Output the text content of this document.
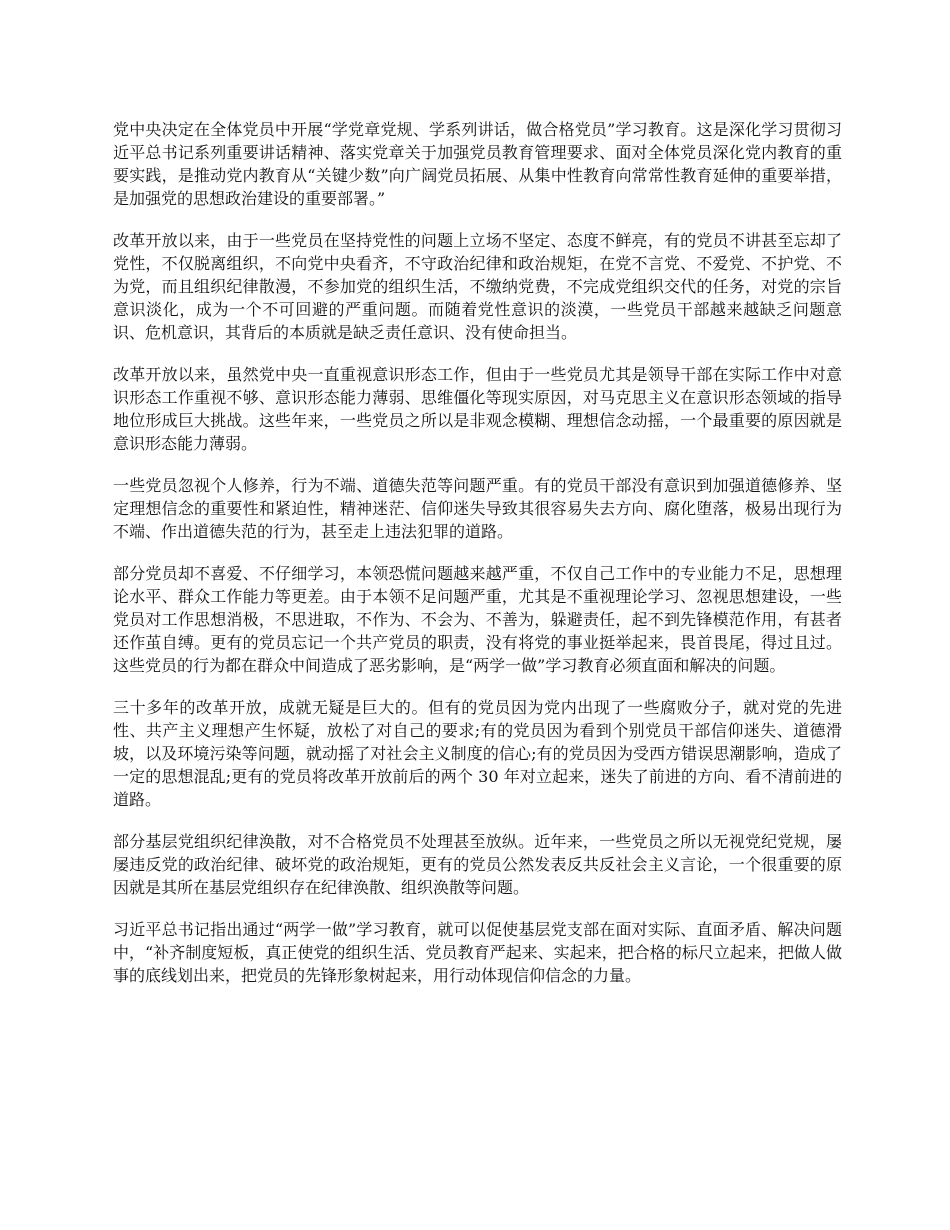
党中央决定在全体党员中开展“学党章党规、学系列讲话，做合格党员”学习教育。这是深化学习贯彻习近平总书记系列重要讲话精神、落实党章关于加强党员教育管理要求、面对全体党员深化党内教育的重要实践，是推动党内教育从“关键少数”向广阔党员拓展、从集中性教育向常常性教育延伸的重要举措，是加强党的思想政治建设的重要部署。”

改革开放以来，由于一些党员在坚持党性的问题上立场不坚定、态度不鲜亮，有的党员不讲甚至忘却了党性，不仅脱离组织，不向党中央看齐，不守政治纪律和政治规矩，在党不言党、不爱党、不护党、不为党，而且组织纪律散漫，不参加党的组织生活，不缴纳党费，不完成党组织交代的任务，对党的宗旨意识淡化，成为一个不可回避的严重问题。而随着党性意识的淡漠，一些党员干部越来越缺乏问题意识、危机意识，其背后的本质就是缺乏责任意识、没有使命担当。

改革开放以来，虽然党中央一直重视意识形态工作，但由于一些党员尤其是领导干部在实际工作中对意识形态工作重视不够、意识形态能力薄弱、思维僵化等现实原因，对马克思主义在意识形态领域的指导地位形成巨大挑战。这些年来，一些党员之所以是非观念模糊、理想信念动摇，一个最重要的原因就是意识形态能力薄弱。

一些党员忽视个人修养，行为不端、道德失范等问题严重。有的党员干部没有意识到加强道德修养、坚定理想信念的重要性和紧迫性，精神迷茫、信仰迷失导致其很容易失去方向、腐化堕落，极易出现行为不端、作出道德失范的行为，甚至走上违法犯罪的道路。

部分党员却不喜爱、不仔细学习，本领恐慌问题越来越严重，不仅自己工作中的专业能力不足，思想理论水平、群众工作能力等更差。由于本领不足问题严重，尤其是不重视理论学习、忽视思想建设，一些党员对工作思想消极，不思进取，不作为、不会为、不善为，躲避责任，起不到先锋模范作用，有甚者还作茧自缚。更有的党员忘记一个共产党员的职责，没有将党的事业挺举起来，畏首畏尾，得过且过。这些党员的行为都在群众中间造成了恶劣影响，是“两学一做”学习教育必须直面和解决的问题。

三十多年的改革开放，成就无疑是巨大的。但有的党员因为党内出现了一些腐败分子，就对党的先进性、共产主义理想产生怀疑，放松了对自己的要求;有的党员因为看到个别党员干部信仰迷失、道德滑坡，以及环境污染等问题，就动摇了对社会主义制度的信心;有的党员因为受西方错误思潮影响，造成了一定的思想混乱;更有的党员将改革开放前后的两个 30 年对立起来，迷失了前进的方向、看不清前进的道路。

部分基层党组织纪律涣散，对不合格党员不处理甚至放纵。近年来，一些党员之所以无视党纪党规，屡屡违反党的政治纪律、破坏党的政治规矩，更有的党员公然发表反共反社会主义言论，一个很重要的原因就是其所在基层党组织存在纪律涣散、组织涣散等问题。

习近平总书记指出通过“两学一做”学习教育，就可以促使基层党支部在面对实际、直面矛盾、解决问题中，“补齐制度短板，真正使党的组织生活、党员教育严起来、实起来，把合格的标尺立起来，把做人做事的底线划出来，把党员的先锋形象树起来，用行动体现信仰信念的力量。
